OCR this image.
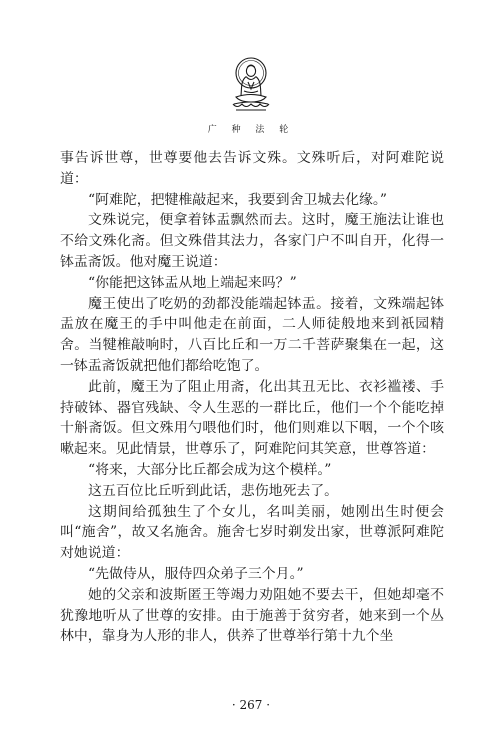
广 种 法 轮

事告诉世尊，世尊要他去告诉文殊。文殊听后，对阿难陀说道：

“阿难陀，把犍椎敲起来，我要到舍卫城去化缘。”

文殊说完，便拿着钵盂飘然而去。这时，魔王施法让谁也不给文殊化斋。但文殊借其法力，各家门户不叫自开，化得一钵盂斋饭。他对魔王说道：

“你能把这钵盂从地上端起来吗？”

魔王使出了吃奶的劲都没能端起钵盂。接着，文殊端起钵盂放在魔王的手中叫他走在前面，二人师徒般地来到祇园精舍。当犍椎敲响时，八百比丘和一万二千菩萨聚集在一起，这一钵盂斋饭就把他们都给吃饱了。

此前，魔王为了阻止用斋，化出其丑无比、衣衫褴褛、手持破钵、器官残缺、令人生恶的一群比丘，他们一个个能吃掉十斛斋饭。但文殊用勺喂他们时，他们则难以下咽，一个个咳嗽起来。见此情景，世尊乐了，阿难陀问其笑意，世尊答道：

“将来，大部分比丘都会成为这个模样。”

这五百位比丘听到此话，悲伤地死去了。

这期间给孤独生了个女儿，名叫美丽，她刚出生时便会叫“施舍”，故又名施舍。施舍七岁时剃发出家，世尊派阿难陀对她说道：

“先做侍从，服侍四众弟子三个月。”

她的父亲和波斯匿王等竭力劝阻她不要去干，但她却毫不犹豫地听从了世尊的安排。由于施善于贫穷者，她来到一个丛林中，靠身为人形的非人，供养了世尊举行第十九个坐

· 267 ·
